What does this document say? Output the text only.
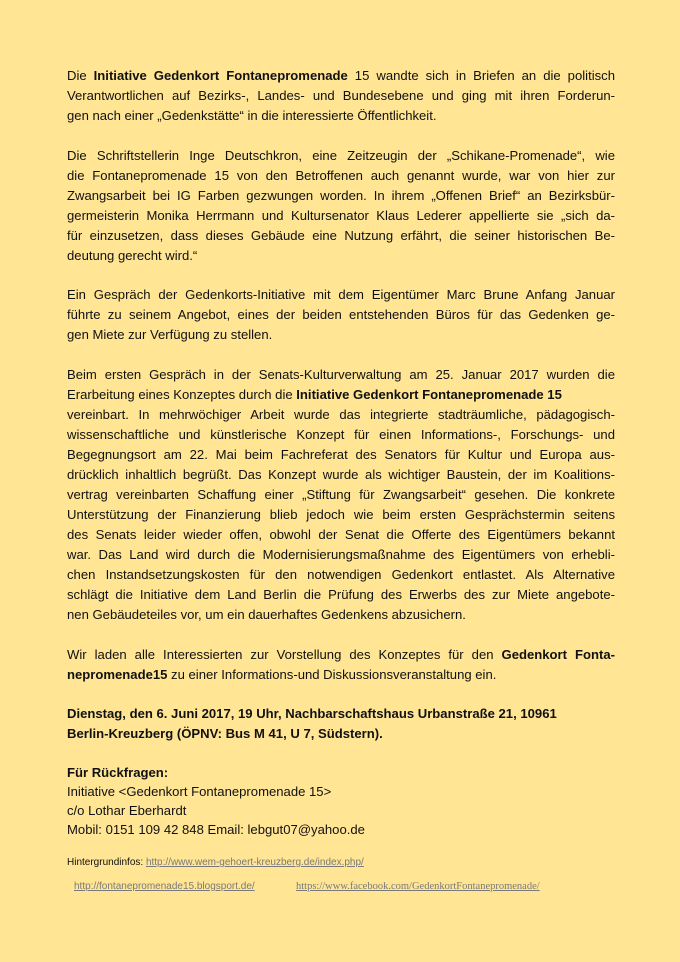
Die Initiative Gedenkort Fontanepromenade 15 wandte sich in Briefen an die politisch
Verantwortlichen auf Bezirks-, Landes- und Bundesebene und ging mit ihren Forderun-
gen nach einer „Gedenkstätte“ in die interessierte Öffentlichkeit.
Die Schriftstellerin Inge Deutschkron, eine Zeitzeugin der „Schikane-Promenade“, wie
die Fontanepromenade 15 von den Betroffenen auch genannt wurde, war von hier zur
Zwangsarbeit bei IG Farben gezwungen worden. In ihrem „Offenen Brief“ an Bezirksbür-
germeisterin Monika Herrmann und Kultursenator Klaus Lederer appellierte sie „sich da-
für einzusetzen, dass dieses Gebäude eine Nutzung erfährt, die seiner historischen Be-
deutung gerecht wird.“
Ein Gespräch der Gedenkorts-Initiative mit dem Eigentümer Marc Brune Anfang Januar
führte zu seinem Angebot, eines der beiden entstehenden Büros für das Gedenken ge-
gen Miete zur Verfügung zu stellen.
Beim ersten Gespräch in der Senats-Kulturverwaltung am 25. Januar 2017 wurden die
Erarbeitung eines Konzeptes durch die Initiative Gedenkort Fontanepromenade 15
vereinbart. In mehrwöchiger Arbeit wurde das integrierte stadträumliche, pädagogisch-
wissenschaftliche und künstlerische Konzept für einen Informations-, Forschungs- und
Begegnungsort am 22. Mai beim Fachreferat des Senators für Kultur und Europa aus-
drücklich inhaltlich begrüßt. Das Konzept wurde als wichtiger Baustein, der im Koalitions-
vertrag vereinbarten Schaffung einer „Stiftung für Zwangsarbeit“ gesehen. Die konkrete
Unterstützung der Finanzierung blieb jedoch wie beim ersten Gesprächstermin seitens
des Senats leider wieder offen, obwohl der Senat die Offerte des Eigentümers bekannt
war. Das Land wird durch die Modernisierungsmaßnahme des Eigentümers von erhebli-
chen Instandsetzungskosten für den notwendigen Gedenkort entlastet. Als Alternative
schlägt die Initiative dem Land Berlin die Prüfung des Erwerbs des zur Miete angebote-
nen Gebäudeteiles vor, um ein dauerhaftes Gedenkens abzusichern.
Wir laden alle Interessierten zur Vorstellung des Konzeptes für den Gedenkort Fonta-
nepromenade15 zu einer Informations-und Diskussionsveranstaltung ein.
Dienstag, den 6. Juni 2017, 19 Uhr, Nachbarschaftshaus Urbanstraße 21, 10961
Berlin-Kreuzberg (ÖPNV: Bus M 41, U 7, Südstern).
Für Rückfragen:
Initiative <Gedenkort Fontanepromenade 15>
c/o Lothar Eberhardt
Mobil: 0151 109 42 848 Email: lebgut07@yahoo.de
Hintergrundinfos: http://www.wem-gehoert-kreuzberg.de/index.php/
http://fontanepromenade15.blogsport.de/	https://www.facebook.com/GedenkortFontanepromenade/
